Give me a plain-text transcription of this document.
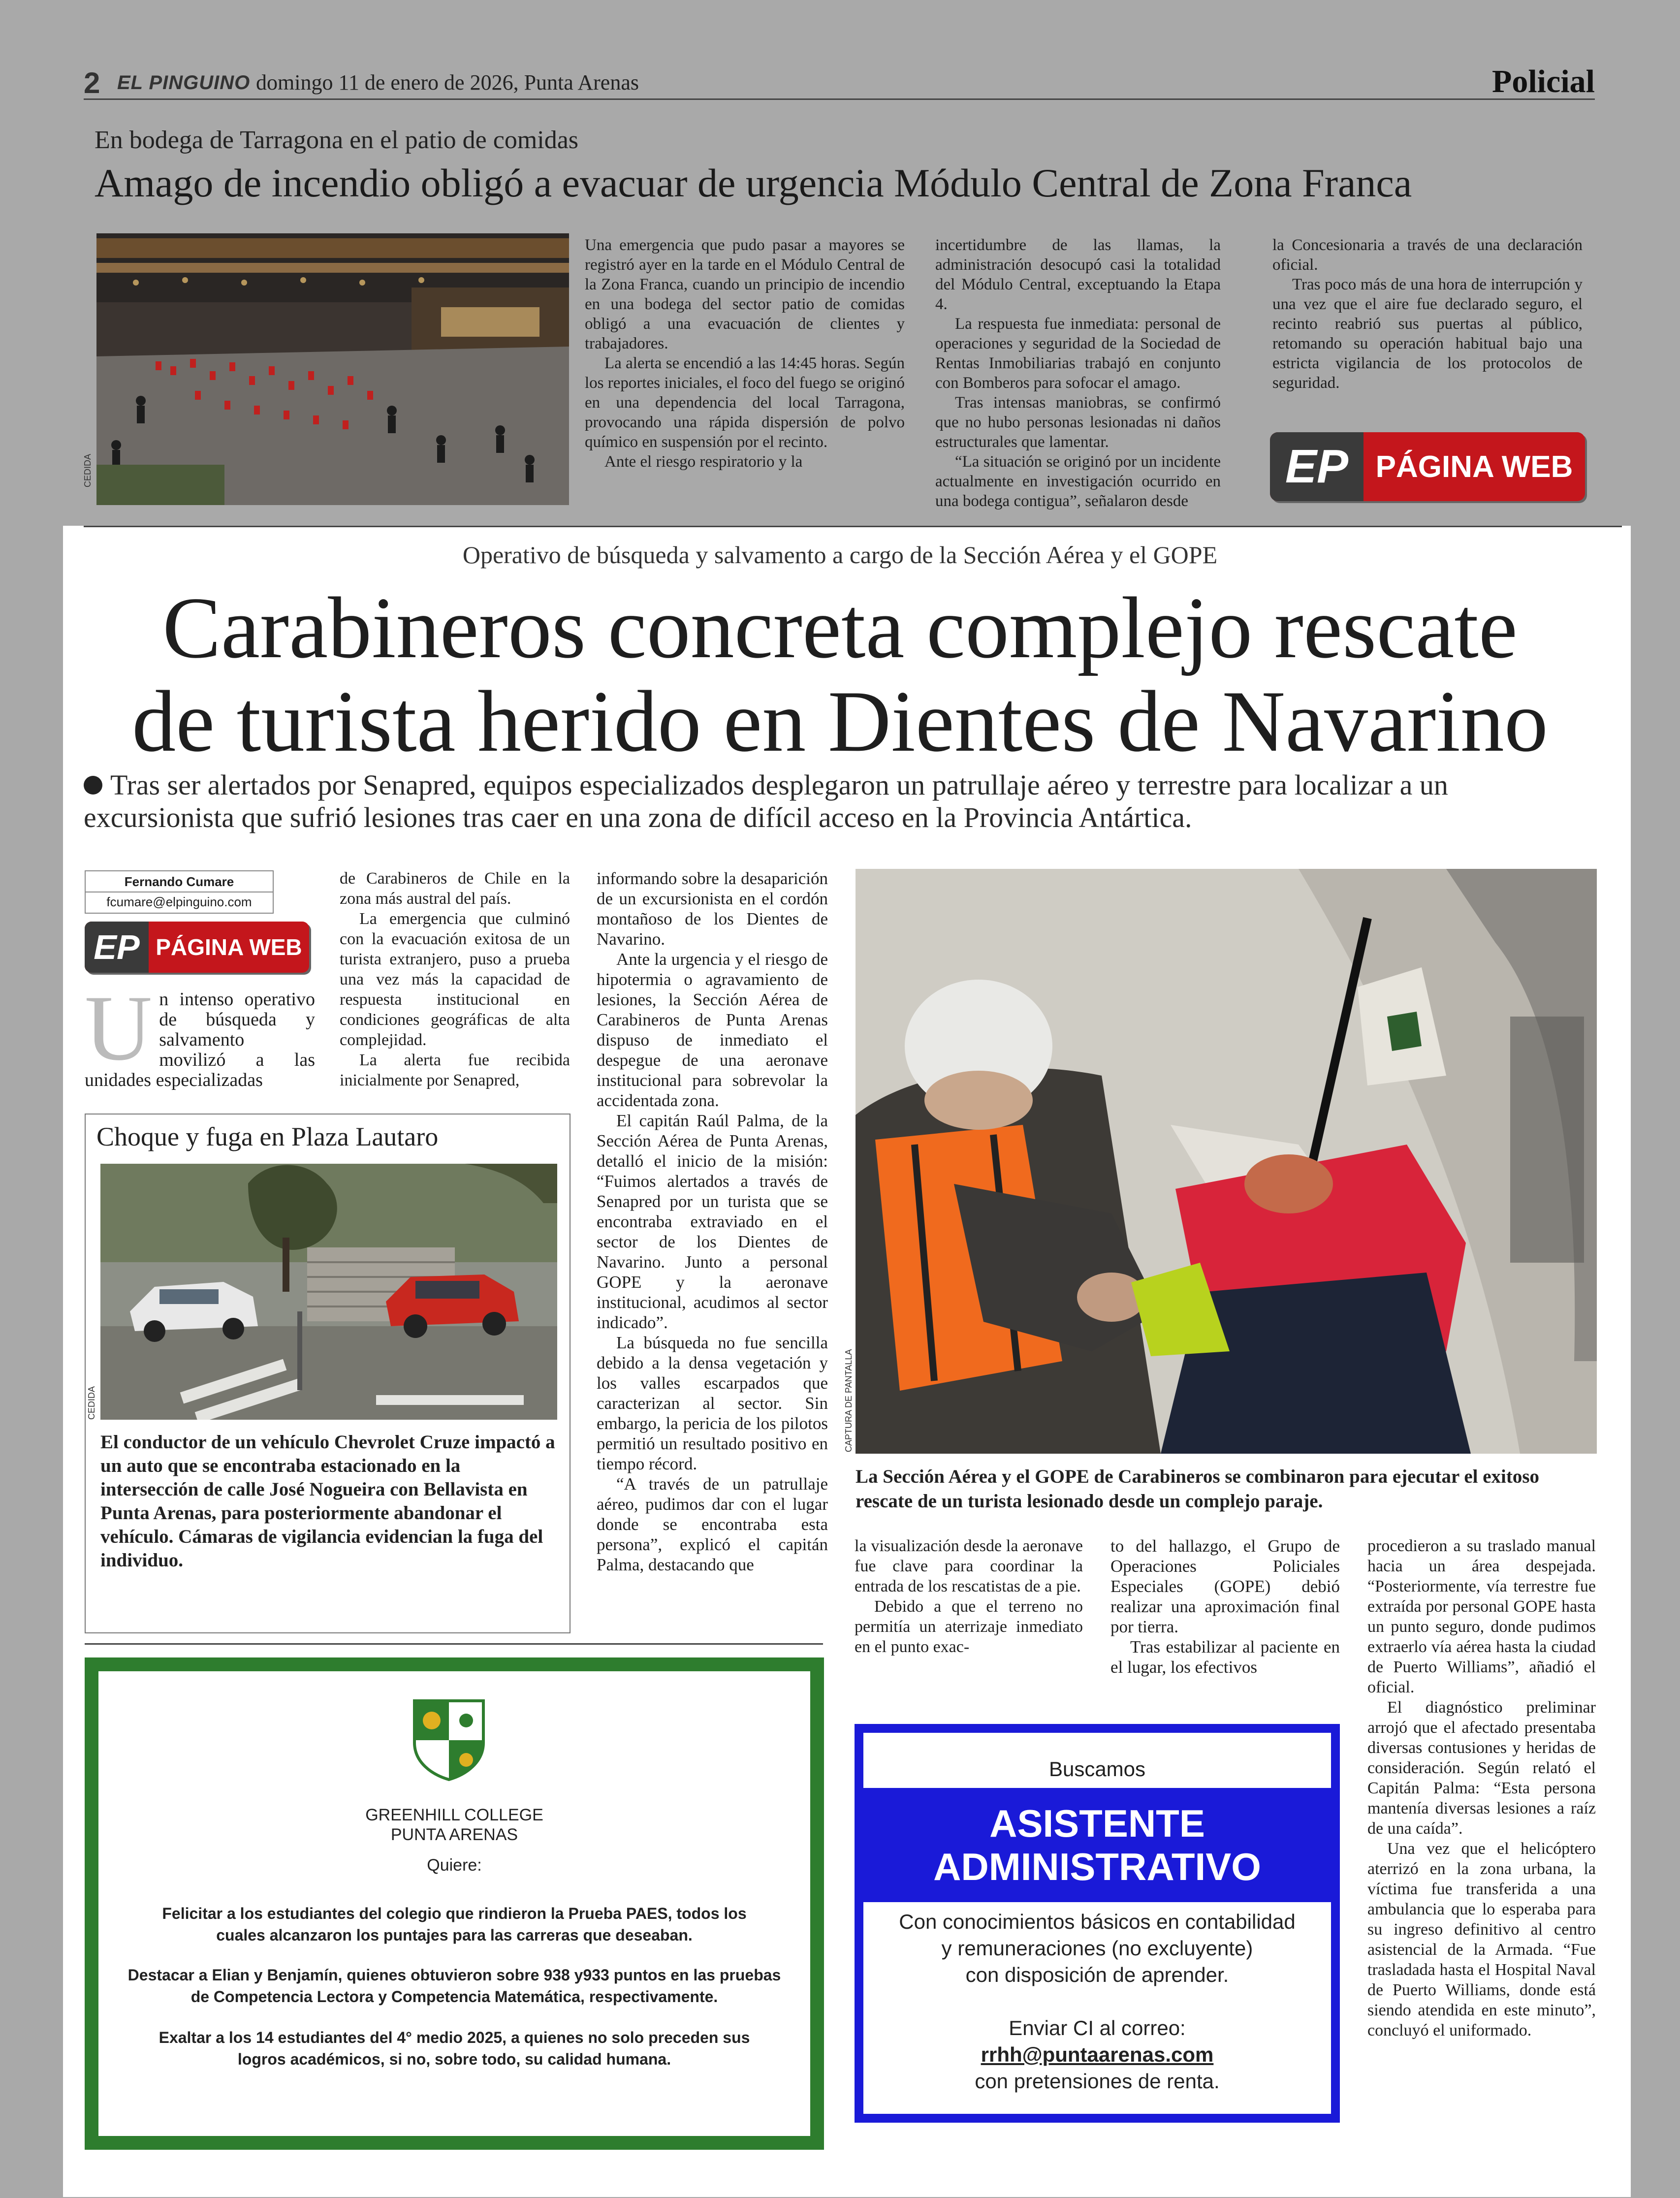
2 EL PINGUINO domingo 11 de enero de 2026, Punta Arenas	Policial
En bodega de Tarragona en el patio de comidas
Amago de incendio obligó a evacuar de urgencia Módulo Central de Zona Franca
CEDIDA

Una emergencia que pudo pasar a mayores se registró ayer en la tarde en el Módulo Central de la Zona Franca, cuando un principio de incendio en una bodega del sector patio de comidas obligó a una evacuación de clientes y trabajadores.

La alerta se encendió a las 14:45 horas. Según los reportes iniciales, el foco del fuego se originó en una dependencia del local Tarragona, provocando una rápida dispersión de polvo químico en suspensión por el recinto.

Ante el riesgo respiratorio y la

incertidumbre de las llamas, la administración desocupó casi la totalidad del Módulo Central, exceptuando la Etapa 4.

La respuesta fue inmediata: personal de operaciones y seguridad de la Sociedad de Rentas Inmobiliarias trabajó en conjunto con Bomberos para sofocar el amago.

Tras intensas maniobras, se confirmó que no hubo personas lesionadas ni daños estructurales que lamentar.

“La situación se originó por un incidente actualmente en investigación ocurrido en una bodega contigua”, señalaron desde

la Concesionaria a través de una declaración oficial.

Tras poco más de una hora de interrupción y una vez que el aire fue declarado seguro, el recinto reabrió sus puertas al público, retomando su operación habitual bajo una estricta vigilancia de los protocolos de seguridad.

EP PÁGINA WEB
Operativo de búsqueda y salvamento a cargo de la Sección Aérea y el GOPE
Carabineros concreta complejo rescate
de turista herido en Dientes de Navarino
Tras ser alertados por Senapred, equipos especializados desplegaron un patrullaje aéreo y terrestre para localizar a un excursionista que sufrió lesiones tras caer en una zona de difícil acceso en la Provincia Antártica.
Fernando Cumare
fcumare@elpinguino.com
EP PÁGINA WEB
Un intenso operativo de búsqueda y salvamento movilizó a las unidades especializadas

de Carabineros de Chile en la zona más austral del país.

La emergencia que culminó con la evacuación exitosa de un turista extranjero, puso a prueba una vez más la capacidad de respuesta institucional en condiciones geográficas de alta complejidad.

La alerta fue recibida inicialmente por Senapred,

informando sobre la desaparición de un excursionista en el cordón montañoso de los Dientes de Navarino.

Ante la urgencia y el riesgo de hipotermia o agravamiento de lesiones, la Sección Aérea de Carabineros de Punta Arenas dispuso de inmediato el despegue de una aeronave institucional para sobrevolar la accidentada zona.

El capitán Raúl Palma, de la Sección Aérea de Punta Arenas, detalló el inicio de la misión: “Fuimos alertados a través de Senapred por un turista que se encontraba extraviado en el sector de los Dientes de Navarino. Junto a personal GOPE y la aeronave institucional, acudimos al sector indicado”.

La búsqueda no fue sencilla debido a la densa vegetación y los valles escarpados que caracterizan al sector. Sin embargo, la pericia de los pilotos permitió un resultado positivo en tiempo récord.

“A través de un patrullaje aéreo, pudimos dar con el lugar donde se encontraba esta persona”, explicó el capitán Palma, destacando que

Choque y fuga en Plaza Lautaro
CEDIDA
El conductor de un vehículo Chevrolet Cruze impactó a un auto que se encontraba estacionado en la intersección de calle José Nogueira con Bellavista en Punta Arenas, para posteriormente abandonar el vehículo. Cámaras de vigilancia evidencian la fuga del individuo.
CAPTURA DE PANTALLA
La Sección Aérea y el GOPE de Carabineros se combinaron para ejecutar el exitoso rescate de un turista lesionado desde un complejo paraje.

la visualización desde la aeronave fue clave para coordinar la entrada de los rescatistas de a pie.

Debido a que el terreno no permitía un aterrizaje inmediato en el punto exac-

to del hallazgo, el Grupo de Operaciones Policiales Especiales (GOPE) debió realizar una aproximación final por tierra.

Tras estabilizar al paciente en el lugar, los efectivos

procedieron a su traslado manual hacia un área despejada. “Posteriormente, vía terrestre fue extraída por personal GOPE hasta un punto seguro, donde pudimos extraerlo vía aérea hasta la ciudad de Puerto Williams”, añadió el oficial.

El diagnóstico preliminar arrojó que el afectado presentaba diversas contusiones y heridas de consideración. Según relató el Capitán Palma: “Esta persona mantenía diversas lesiones a raíz de una caída”.

Una vez que el helicóptero aterrizó en la zona urbana, la víctima fue transferida a una ambulancia que lo esperaba para su ingreso definitivo al centro asistencial de la Armada. “Fue trasladada hasta el Hospital Naval de Puerto Williams, donde está siendo atendida en este minuto”, concluyó el uniformado.

GREENHILL COLLEGE
PUNTA ARENAS
Quiere:
Felicitar a los estudiantes del colegio que rindieron la Prueba PAES, todos los cuales alcanzaron los puntajes para las carreras que deseaban.
Destacar a Elian y Benjamín, quienes obtuvieron sobre 938 y933 puntos en las pruebas de Competencia Lectora y Competencia Matemática, respectivamente.
Exaltar a los 14 estudiantes del 4° medio 2025, a quienes no solo preceden sus logros académicos, si no, sobre todo, su calidad humana.
Buscamos
ASISTENTE
ADMINISTRATIVO
Con conocimientos básicos en contabilidad
y remuneraciones (no excluyente)
con disposición de aprender.
Enviar CI al correo:
rrhh@puntaarenas.com
con pretensiones de renta.
